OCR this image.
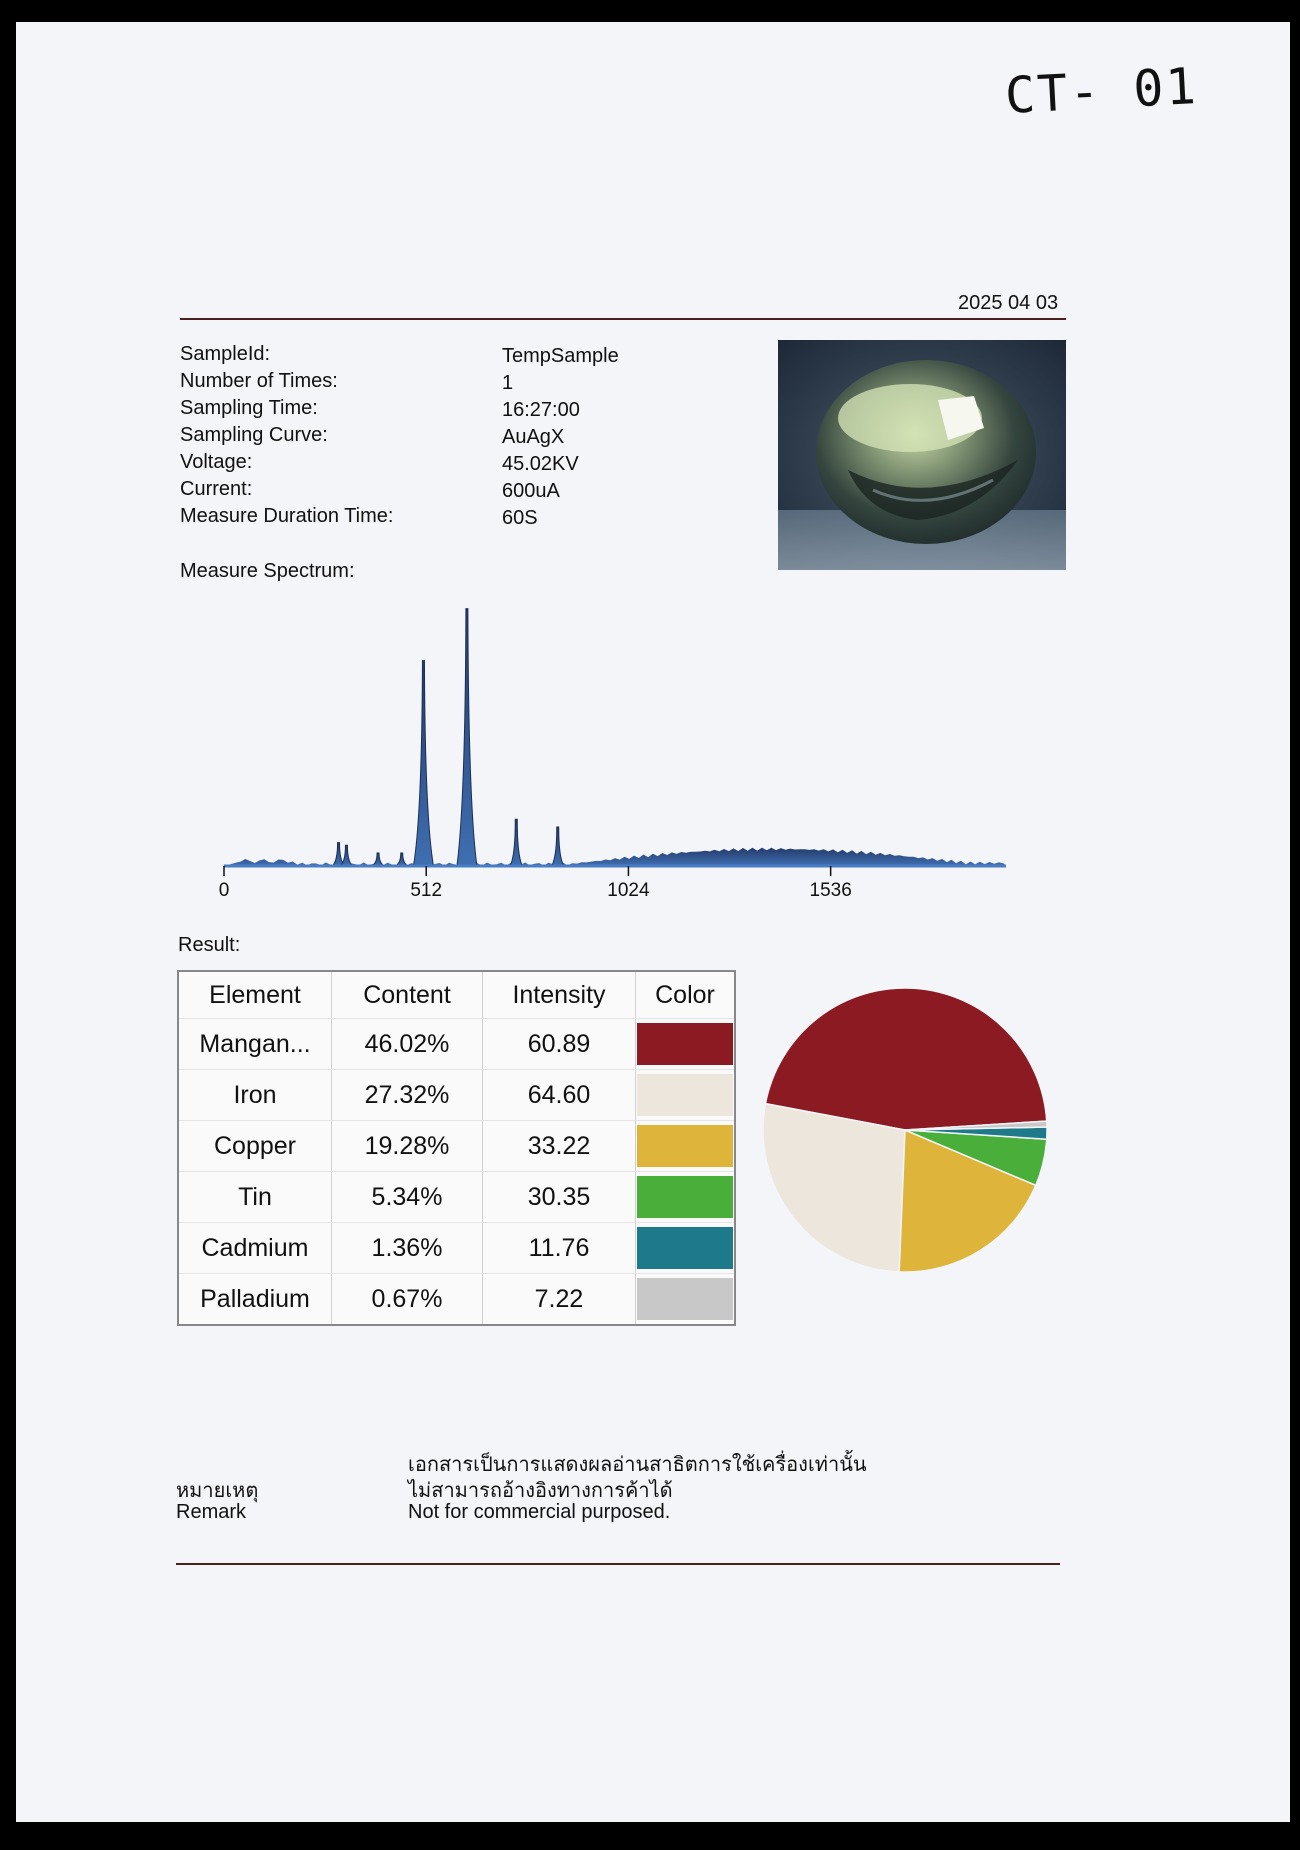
CT- 01
2025 04 03
SampleId:	TempSample
Number of Times:	1
Sampling Time:	16:27:00
Sampling Curve:	AuAgX
Voltage:	45.02KV
Current:	600uA
Measure Duration Time:	60S
Measure Spectrum:
0	512	1024	1536
Result:
Element	Content	Intensity	Color
Mangan...	46.02%	60.89	

Iron	27.32%	64.60	

Copper	19.28%	33.22	

Tin	5.34%	30.35	

Cadmium	1.36%	11.76	

Palladium	0.67%	7.22	
เอกสารเป็นการแสดงผลอ่านสาธิตการใช้เครื่องเท่านั้น
ไม่สามารถอ้างอิงทางการค้าได้
หมายเหตุ
Remark	Not for commercial purposed.
